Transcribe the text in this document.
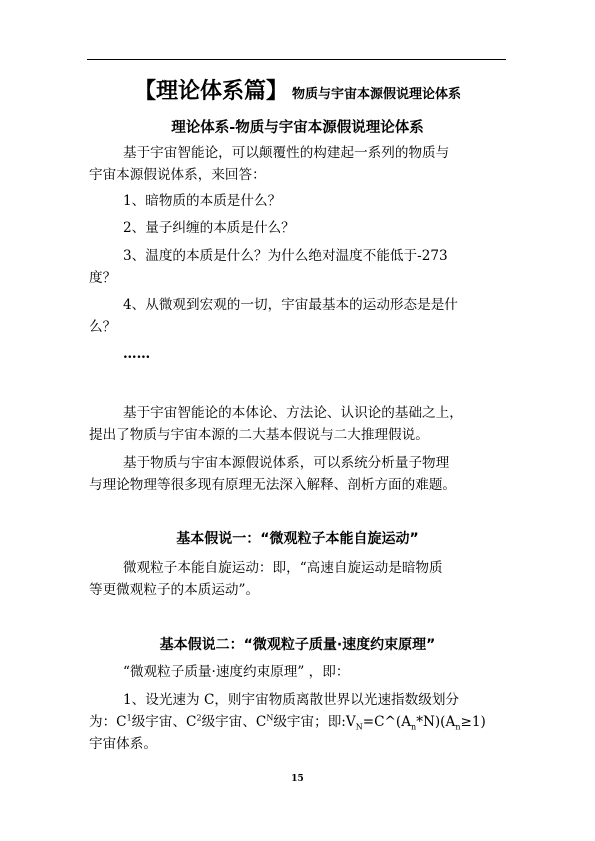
【理论体系篇】 物质与宇宙本源假说理论体系
理论体系-物质与宇宙本源假说理论体系
基于宇宙智能论，可以颠覆性的构建起一系列的物质与
宇宙本源假说体系，来回答：
1、暗物质的本质是什么？
2、量子纠缠的本质是什么？
3、温度的本质是什么？为什么绝对温度不能低于-273
度？
4、从微观到宏观的一切，宇宙最基本的运动形态是是什
么？
……
基于宇宙智能论的本体论、方法论、认识论的基础之上，
提出了物质与宇宙本源的二大基本假说与二大推理假说。
基于物质与宇宙本源假说体系，可以系统分析量子物理
与理论物理等很多现有原理无法深入解释、剖析方面的难题。
基本假说一：“微观粒子本能自旋运动”
微观粒子本能自旋运动：即，“高速自旋运动是暗物质
等更微观粒子的本质运动”。
基本假说二：“微观粒子质量·速度约束原理”
“微观粒子质量·速度约束原理” ，即：
1、设光速为 C，则宇宙物质离散世界以光速指数级划分
为：$C^1$级宇宙、$C^2$级宇宙、$C^N$级宇宙；即$:V_N=C\^{}(A_n*N)(A_n\ge 1)$
宇宙体系。
15
